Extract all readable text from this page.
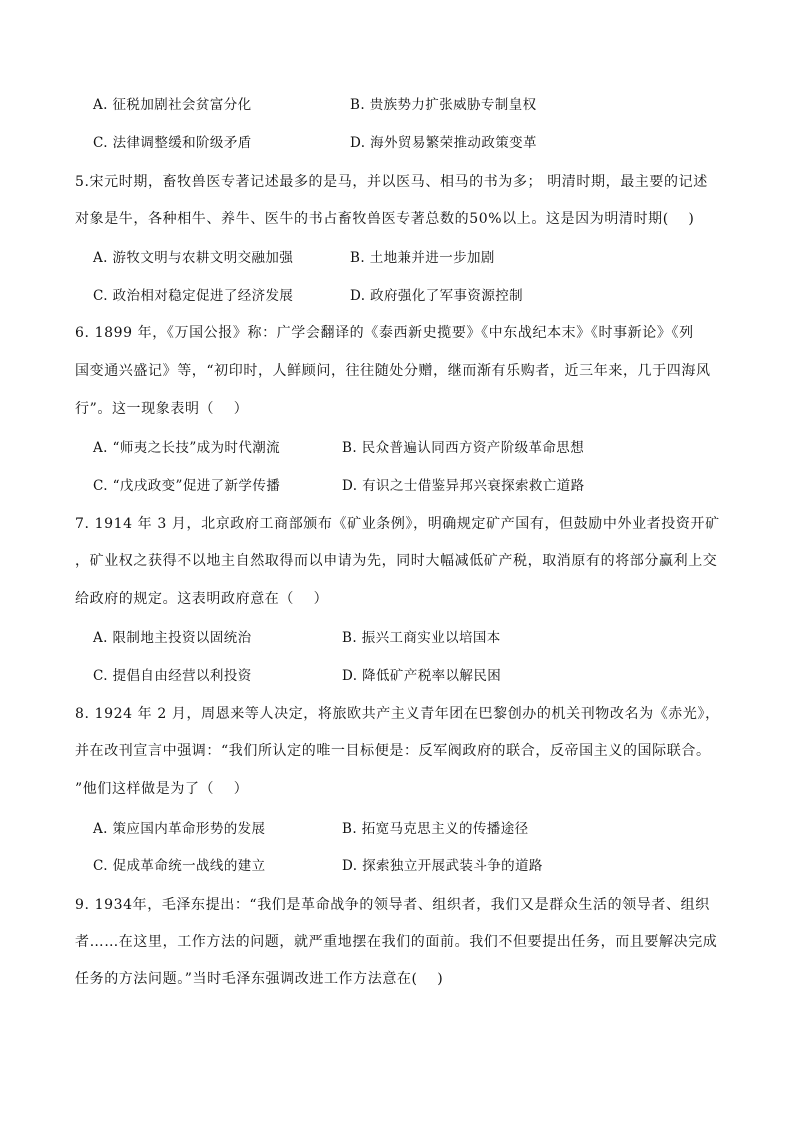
A. 征税加剧社会贫富分化	B. 贵族势力扩张威胁专制皇权
C. 法律调整缓和阶级矛盾	D. 海外贸易繁荣推动政策变革
5.宋元时期，畜牧兽医专著记述最多的是马，并以医马、相马的书为多； 明清时期，最主要的记述
对象是牛，各种相牛、养牛、医牛的书占畜牧兽医专著总数的50%以上。这是因为明清时期(　 )
A. 游牧文明与农耕文明交融加强	B. 土地兼并进一步加剧
C. 政治相对稳定促进了经济发展	D. 政府强化了军事资源控制
6. 1899 年，《万国公报》称：广学会翻译的《泰西新史揽要》《中东战纪本末》《时事新论》《列
国变通兴盛记》等，“初印时，人鲜顾问，往往随处分赠，继而渐有乐购者，近三年来，几于四海风
行”。这一现象表明（　 ）
A. “师夷之长技”成为时代潮流	B. 民众普遍认同西方资产阶级革命思想
C. “戊戌政变”促进了新学传播	D. 有识之士借鉴异邦兴衰探索救亡道路
7. 1914 年 3 月，北京政府工商部颁布《矿业条例》，明确规定矿产国有，但鼓励中外业者投资开矿
，矿业权之获得不以地主自然取得而以申请为先，同时大幅减低矿产税，取消原有的将部分赢利上交
给政府的规定。这表明政府意在（　 ）
A. 限制地主投资以固统治	B. 振兴工商实业以培国本
C. 提倡自由经营以利投资	D. 降低矿产税率以解民困
8. 1924 年 2 月，周恩来等人决定，将旅欧共产主义青年团在巴黎创办的机关刊物改名为《赤光》，
并在改刊宣言中强调：“我们所认定的唯一目标便是：反军阀政府的联合，反帝国主义的国际联合。
”他们这样做是为了（　 ）
A. 策应国内革命形势的发展	B. 拓宽马克思主义的传播途径
C. 促成革命统一战线的建立	D. 探索独立开展武装斗争的道路
9. 1934年，毛泽东提出：“我们是革命战争的领导者、组织者，我们又是群众生活的领导者、组织
者……在这里，工作方法的问题，就严重地摆在我们的面前。我们不但要提出任务，而且要解决完成
任务的方法问题。”当时毛泽东强调改进工作方法意在(　 )
